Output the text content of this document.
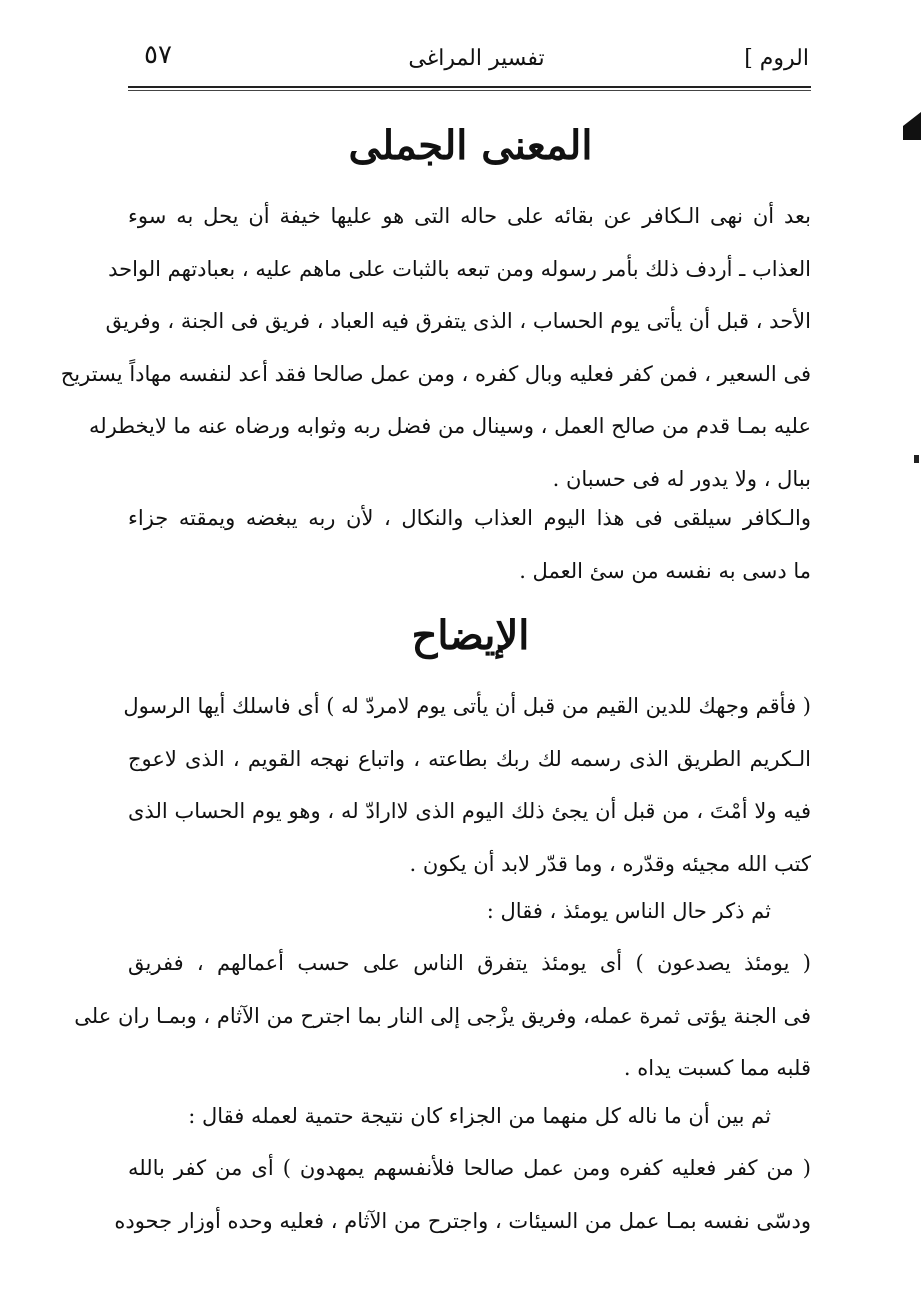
الروم ]
تفسير المراغى
٥٧
المعنى الجملى

بعد أن نهى الـكافر عن بقائه على حاله التى هو عليها خيفة أن يحل به سوء
العذاب ـ أردف ذلك بأمر رسوله ومن تبعه بالثبات على ماهم عليه ، بعبادتهم الواحد
الأحد ، قبل أن يأتى يوم الحساب ، الذى يتفرق فيه العباد ، فريق فى الجنة ، وفريق
فى السعير ، فمن كفر فعليه وبال كفره ، ومن عمل صالحا فقد أعد لنفسه مهاداً يستريح
عليه بمـا قدم من صالح العمل ، وسينال من فضل ربه وثوابه ورضاه عنه ما لايخطرله
ببال ، ولا يدور له فى حسبان .

والـكافر سيلقى فى هذا اليوم العذاب والنكال ، لأن ربه يبغضه ويمقته جزاء
ما دسى به نفسه من سئ العمل .

الإيضاح

( فأقم وجهك للدين القيم من قبل أن يأتى يوم لامردّ له ) أى فاسلك أيها الرسول
الـكريم الطريق الذى رسمه لك ربك بطاعته ، واتباع نهجه القويم ، الذى لاعوج
فيه ولا أمْتَ ، من قبل أن يجئ ذلك اليوم الذى لاارادّ له ، وهو يوم الحساب الذى
كتب الله مجيئه وقدّره ، وما قدّر لابد أن يكون .

ثم ذكر حال الناس يومئذ ، فقال :

( يومئذ يصدعون ) أى يومئذ يتفرق الناس على حسب أعمالهم ، ففريق
فى الجنة يؤتى ثمرة عمله، وفريق يزْجى إلى النار بما اجترح من الآثام ، وبمـا ران على
قلبه مما كسبت يداه .

ثم بين أن ما ناله كل منهما من الجزاء كان نتيجة حتمية لعمله فقال :

( من كفر فعليه كفره ومن عمل صالحا فلأنفسهم يمهدون ) أى من كفر بالله
ودسّى نفسه بمـا عمل من السيئات ، واجترح من الآثام ، فعليه وحده أوزار جحوده
